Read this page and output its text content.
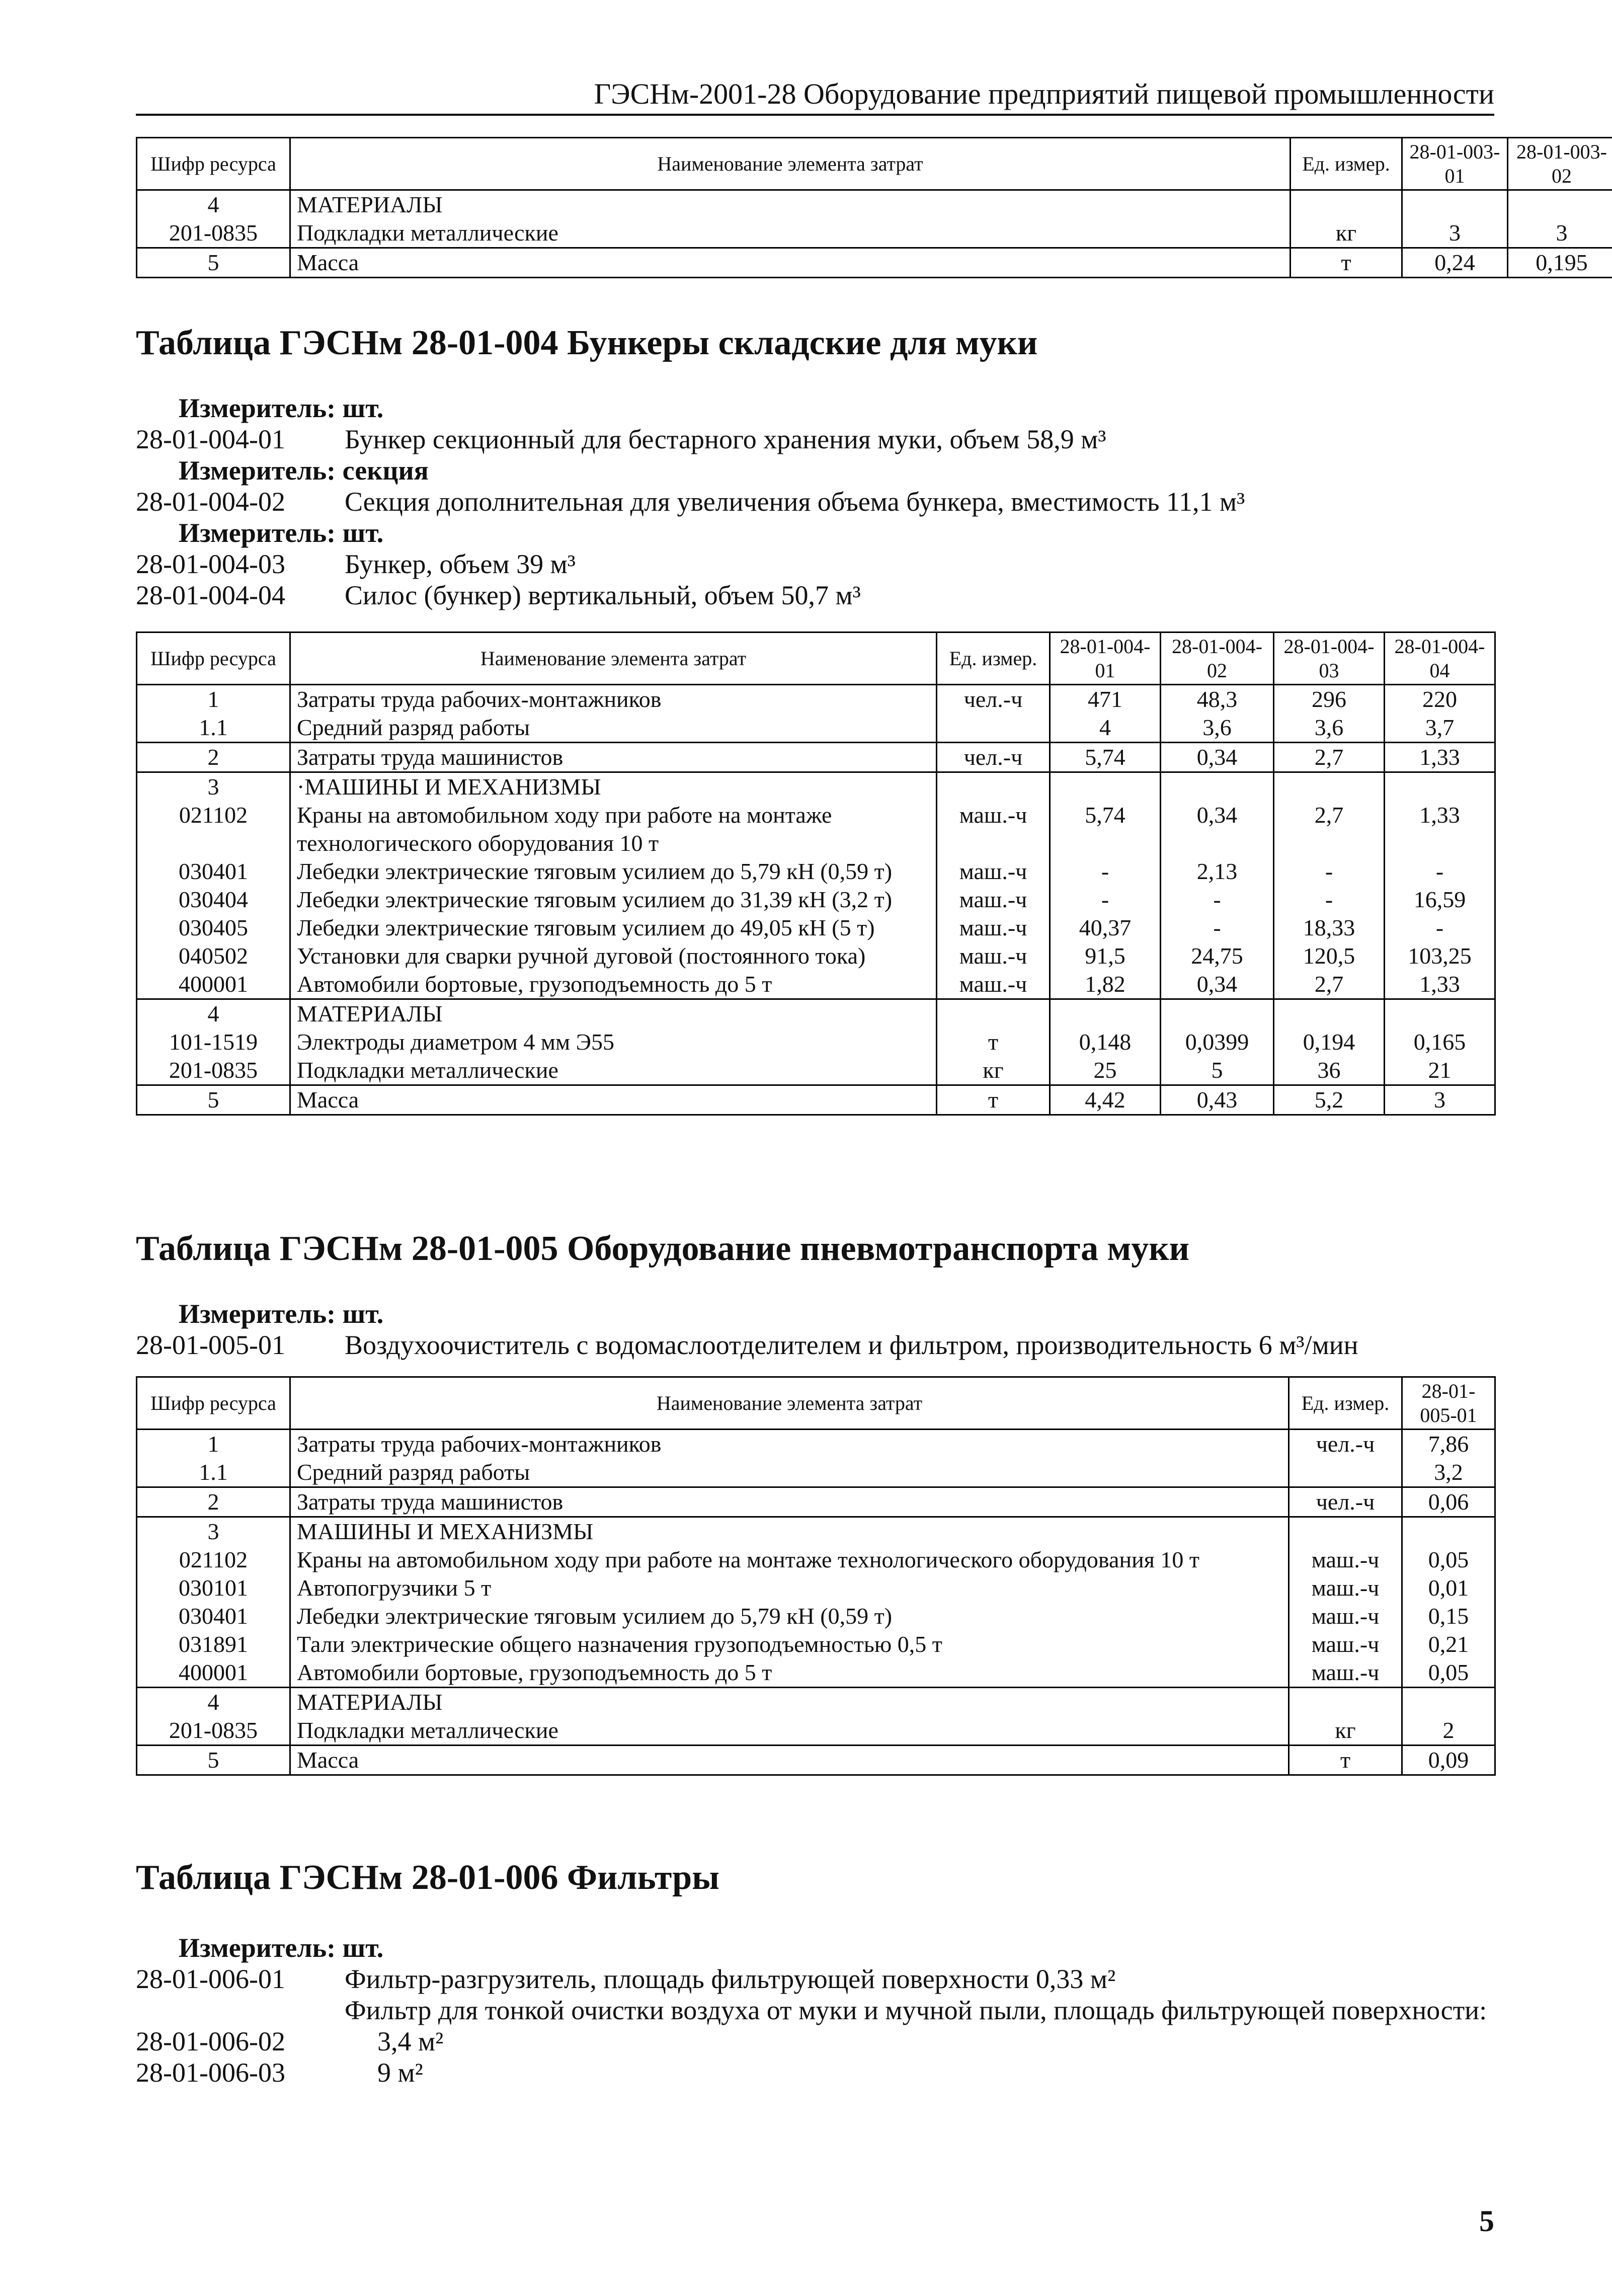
ГЭСНм-2001-28 Оборудование предприятий пищевой промышленности
Шифр ресурса	Наименование элемента затрат	Ед. измер.	28-01-003-01	28-01-003-02
4	МАТЕРИАЛЫ			
201-0835	Подкладки металлические	кг	3	3
5	Масса	т	0,24	0,195
Таблица ГЭСНм 28-01-004 Бункеры складские для муки
Измеритель: шт.
28-01-004-01	Бункер секционный для бестарного хранения муки, объем 58,9 м³
Измеритель: секция
28-01-004-02	Секция дополнительная для увеличения объема бункера, вместимость 11,1 м³
Измеритель: шт.
28-01-004-03	Бункер, объем 39 м³
28-01-004-04	Силос (бункер) вертикальный, объем 50,7 м³
Шифр ресурса	Наименование элемента затрат	Ед. измер.	28-01-004-01	28-01-004-02	28-01-004-03	28-01-004-04
1	Затраты труда рабочих-монтажников	чел.-ч	471	48,3	296	220
1.1	Средний разряд работы		4	3,6	3,6	3,7
2	Затраты труда машинистов	чел.-ч	5,74	0,34	2,7	1,33
3	·МАШИНЫ И МЕХАНИЗМЫ					
021102	Краны на автомобильном ходу при работе на монтаже технологического оборудования 10 т	маш.-ч	5,74	0,34	2,7	1,33
030401	Лебедки электрические тяговым усилием до 5,79 кН (0,59 т)	маш.-ч	-	2,13	-	-
030404	Лебедки электрические тяговым усилием до 31,39 кН (3,2 т)	маш.-ч	-	-	-	16,59
030405	Лебедки электрические тяговым усилием до 49,05 кН (5 т)	маш.-ч	40,37	-	18,33	-
040502	Установки для сварки ручной дуговой (постоянного тока)	маш.-ч	91,5	24,75	120,5	103,25
400001	Автомобили бортовые, грузоподъемность до 5 т	маш.-ч	1,82	0,34	2,7	1,33
4	МАТЕРИАЛЫ					
101-1519	Электроды диаметром 4 мм Э55	т	0,148	0,0399	0,194	0,165
201-0835	Подкладки металлические	кг	25	5	36	21
5	Масса	т	4,42	0,43	5,2	3
Таблица ГЭСНм 28-01-005 Оборудование пневмотранспорта муки
Измеритель: шт.
28-01-005-01	Воздухоочиститель с водомаслоотделителем и фильтром, производительность 6 м³/мин
Шифр ресурса	Наименование элемента затрат	Ед. измер.	28-01-005-01
1	Затраты труда рабочих-монтажников	чел.-ч	7,86
1.1	Средний разряд работы		3,2
2	Затраты труда машинистов	чел.-ч	0,06
3	МАШИНЫ И МЕХАНИЗМЫ		
021102	Краны на автомобильном ходу при работе на монтаже технологического оборудования 10 т	маш.-ч	0,05
030101	Автопогрузчики 5 т	маш.-ч	0,01
030401	Лебедки электрические тяговым усилием до 5,79 кН (0,59 т)	маш.-ч	0,15
031891	Тали электрические общего назначения грузоподъемностью 0,5 т	маш.-ч	0,21
400001	Автомобили бортовые, грузоподъемность до 5 т	маш.-ч	0,05
4	МАТЕРИАЛЫ		
201-0835	Подкладки металлические	кг	2
5	Масса	т	0,09
Таблица ГЭСНм 28-01-006 Фильтры
Измеритель: шт.
28-01-006-01	Фильтр-разгрузитель, площадь фильтрующей поверхности 0,33 м²
Фильтр для тонкой очистки воздуха от муки и мучной пыли, площадь фильтрующей поверхности:
28-01-006-02	3,4 м²
28-01-006-03	9 м²
5
